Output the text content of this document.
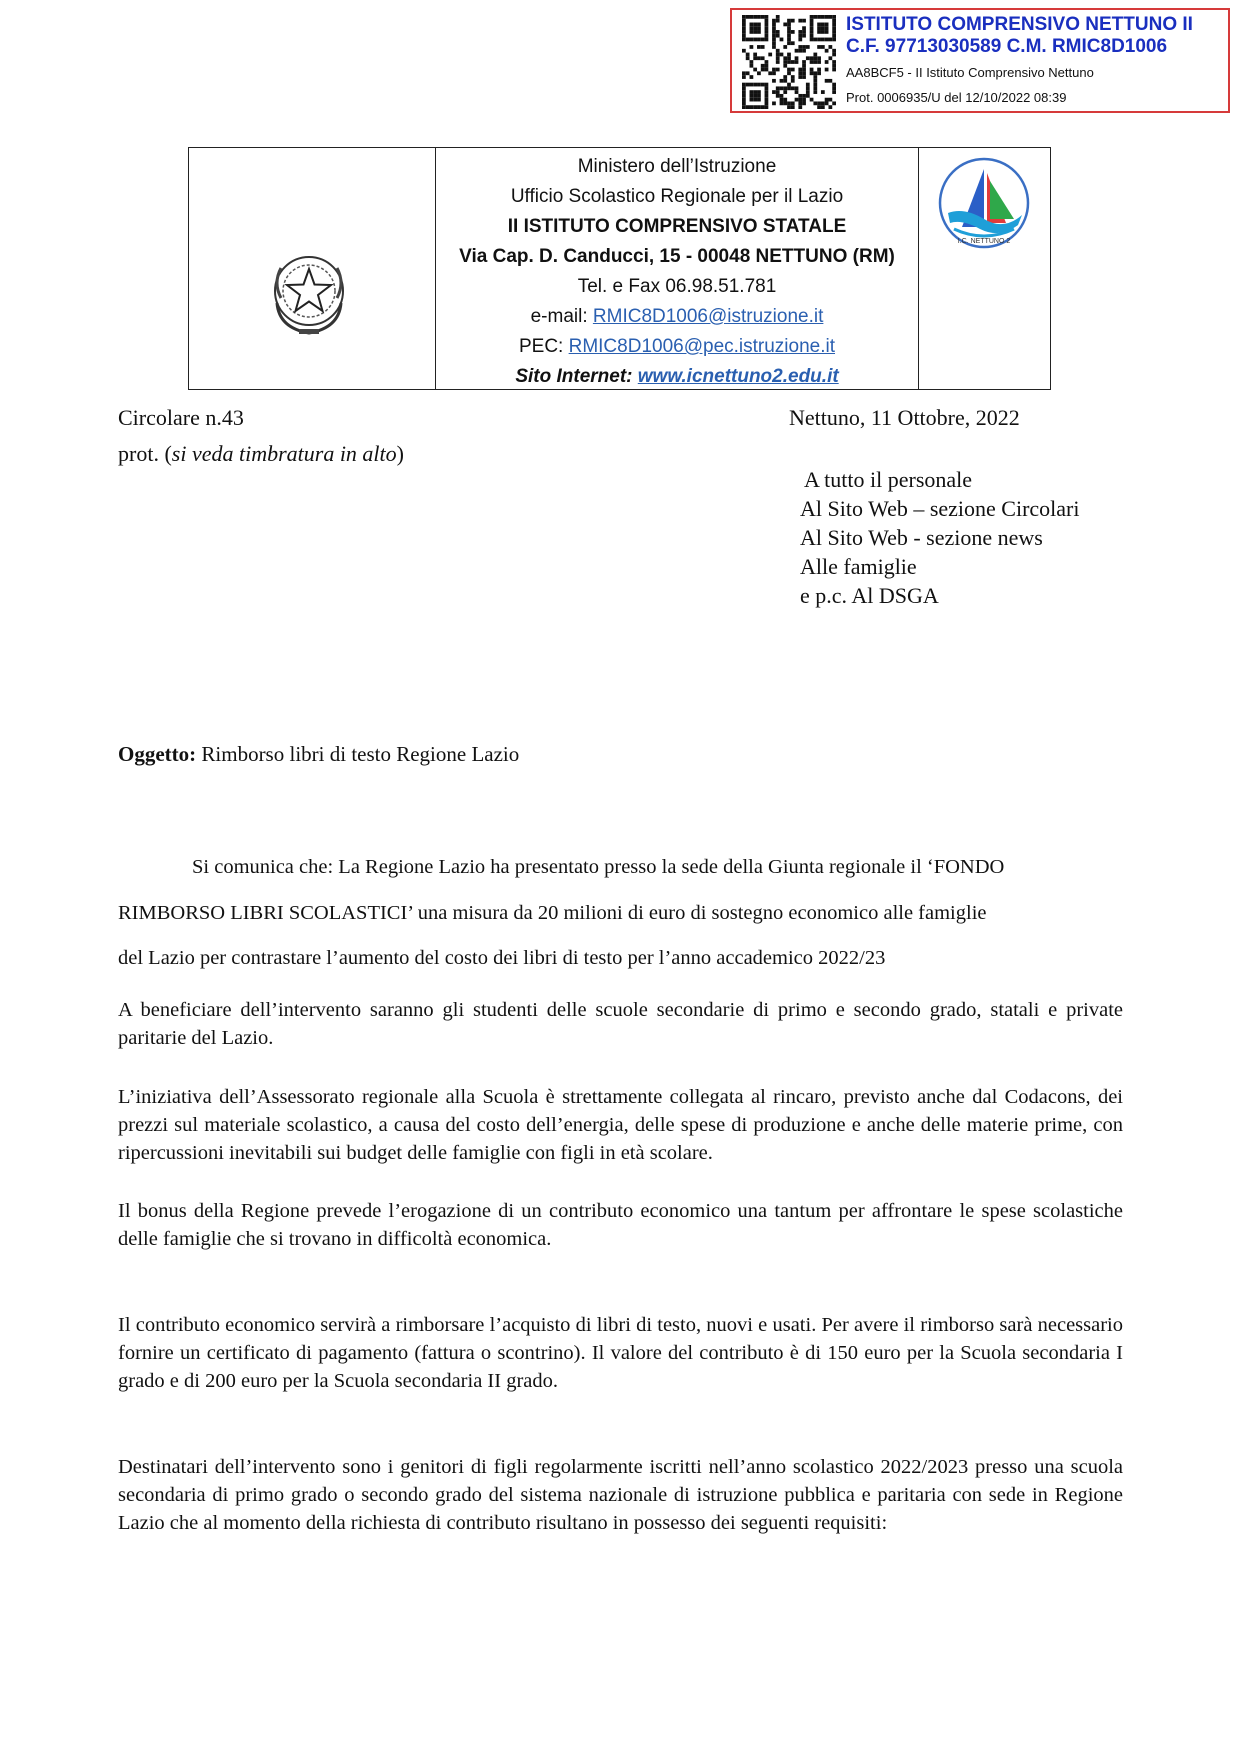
ISTITUTO COMPRENSIVO NETTUNO II
C.F. 97713030589 C.M. RMIC8D1006
AA8BCF5 - II Istituto Comprensivo Nettuno
Prot. 0006935/U del 12/10/2022 08:39
Ministero dell’Istruzione
Ufficio Scolastico Regionale per il Lazio
II ISTITUTO COMPRENSIVO STATALE
Via Cap. D. Canducci, 15 - 00048 NETTUNO (RM)
Tel. e Fax 06.98.51.781
e-mail: RMIC8D1006@istruzione.it
PEC: RMIC8D1006@pec.istruzione.it
Sito Internet: www.icnettuno2.edu.it
I.C. NETTUNO 2
Circolare n.43	Nettuno, 11 Ottobre, 2022
prot. (si veda timbratura in alto)
A tutto il personale
Al Sito Web – sezione Circolari
Al Sito Web - sezione news
Alle famiglie
e p.c. Al DSGA
Oggetto: Rimborso libri di testo Regione Lazio
Si comunica che: La Regione Lazio ha presentato presso la sede della Giunta regionale il ‘FONDO
RIMBORSO LIBRI SCOLASTICI’ una misura da 20 milioni di euro di sostegno economico alle famiglie
del Lazio per contrastare l’aumento del costo dei libri di testo per l’anno accademico 2022/23

A beneficiare dell’intervento saranno gli studenti delle scuole secondarie di primo e secondo grado, statali e private paritarie del Lazio.

L’iniziativa dell’Assessorato regionale alla Scuola è strettamente collegata al rincaro, previsto anche dal Codacons, dei prezzi sul materiale scolastico, a causa del costo dell’energia, delle spese di produzione e anche delle materie prime, con ripercussioni inevitabili sui budget delle famiglie con figli in età scolare.

Il bonus della Regione prevede l’erogazione di un contributo economico una tantum per affrontare le spese scolastiche delle famiglie che si trovano in difficoltà economica.

Il contributo economico servirà a rimborsare l’acquisto di libri di testo, nuovi e usati. Per avere il rimborso sarà necessario fornire un certificato di pagamento (fattura o scontrino). Il valore del contributo è di 150 euro per la Scuola secondaria I grado e di 200 euro per la Scuola secondaria II grado.

Destinatari dell’intervento sono i genitori di figli regolarmente iscritti nell’anno scolastico 2022/2023 presso una scuola secondaria di primo grado o secondo grado del sistema nazionale di istruzione pubblica e paritaria con sede in Regione Lazio che al momento della richiesta di contributo risultano in possesso dei seguenti requisiti:
